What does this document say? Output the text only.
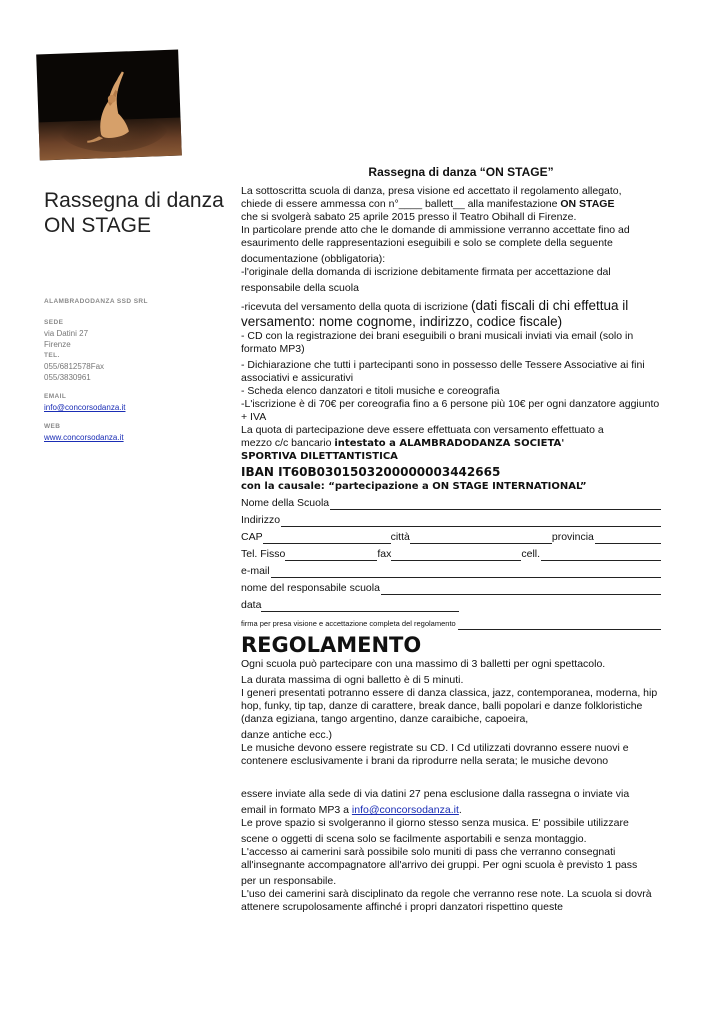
Rassegna di danza
ON STAGE
ALAMBRADODANZA SSD SRL
SEDE
via Datini 27
Firenze
TEL.
055/6812578Fax
055/3830961
EMAIL
info@concorsodanza.it
WEB
www.concorsodanza.it
Rassegna di danza “ON STAGE”

La sottoscritta scuola di danza, presa visione ed accettato il regolamento allegato,

chiede di essere ammessa con n°____ ballett__ alla manifestazione ON STAGE

che si svolgerà sabato 25 aprile 2015 presso il Teatro Obihall di Firenze.

In particolare prende atto che le domande di ammissione verranno accettate fino ad esaurimento delle rappresentazioni eseguibili e solo se complete della seguente

documentazione (obbligatoria):

-l'originale della domanda di iscrizione debitamente firmata per accettazione dal

responsabile della scuola

-ricevuta del versamento della quota di iscrizione (dati fiscali di chi effettua il versamento: nome cognome, indirizzo, codice fiscale)

- CD con la registrazione dei brani eseguibili o brani musicali inviati via email (solo in formato MP3)

- Dichiarazione che tutti i partecipanti sono in possesso delle Tessere Associative ai fini associativi e assicurativi

- Scheda elenco danzatori e titoli musiche e coreografia

-L'iscrizione è di 70€ per coreografia fino a 6 persone più 10€ per ogni danzatore aggiunto + IVA

La quota di partecipazione deve essere effettuata con versamento effettuato a

mezzo c/c bancario intestato a ALAMBRADODANZA SOCIETA'

SPORTIVA DILETTANTISTICA

IBAN IT60B0301503200000003442665

con la causale: “partecipazione a ON STAGE INTERNATIONAL”

Nome della Scuola
Indirizzo
CAP	città	provincia
Tel. Fisso	fax	cell.
e-mail
nome del responsabile scuola
data
firma per presa visione e accettazione completa del regolamento
REGOLAMENTO

Ogni scuola può partecipare con una massimo di 3 balletti per ogni spettacolo.

La durata massima di ogni balletto è di 5 minuti.

I generi presentati potranno essere di danza classica, jazz, contemporanea, moderna, hip hop, funky, tip tap, danze di carattere, break dance, balli popolari e danze folkloristiche (danza egiziana, tango argentino, danze caraibiche, capoeira,

danze antiche ecc.)

Le musiche devono essere registrate su CD. I Cd utilizzati dovranno essere nuovi e contenere esclusivamente i brani da riprodurre nella serata; le musiche devono

essere inviate alla sede di via datini 27 pena esclusione dalla rassegna o inviate via

email in formato MP3 a info@concorsodanza.it.

Le prove spazio si svolgeranno il giorno stesso senza musica. E' possibile utilizzare

scene o oggetti di scena solo se facilmente asportabili e senza montaggio.

L'accesso ai camerini sarà possibile solo muniti di pass che verranno consegnati all'insegnante accompagnatore all'arrivo dei gruppi. Per ogni scuola è previsto 1 pass

per un responsabile.

L'uso dei camerini sarà disciplinato da regole che verranno rese note. La scuola si dovrà attenere scrupolosamente affinché i propri danzatori rispettino queste
